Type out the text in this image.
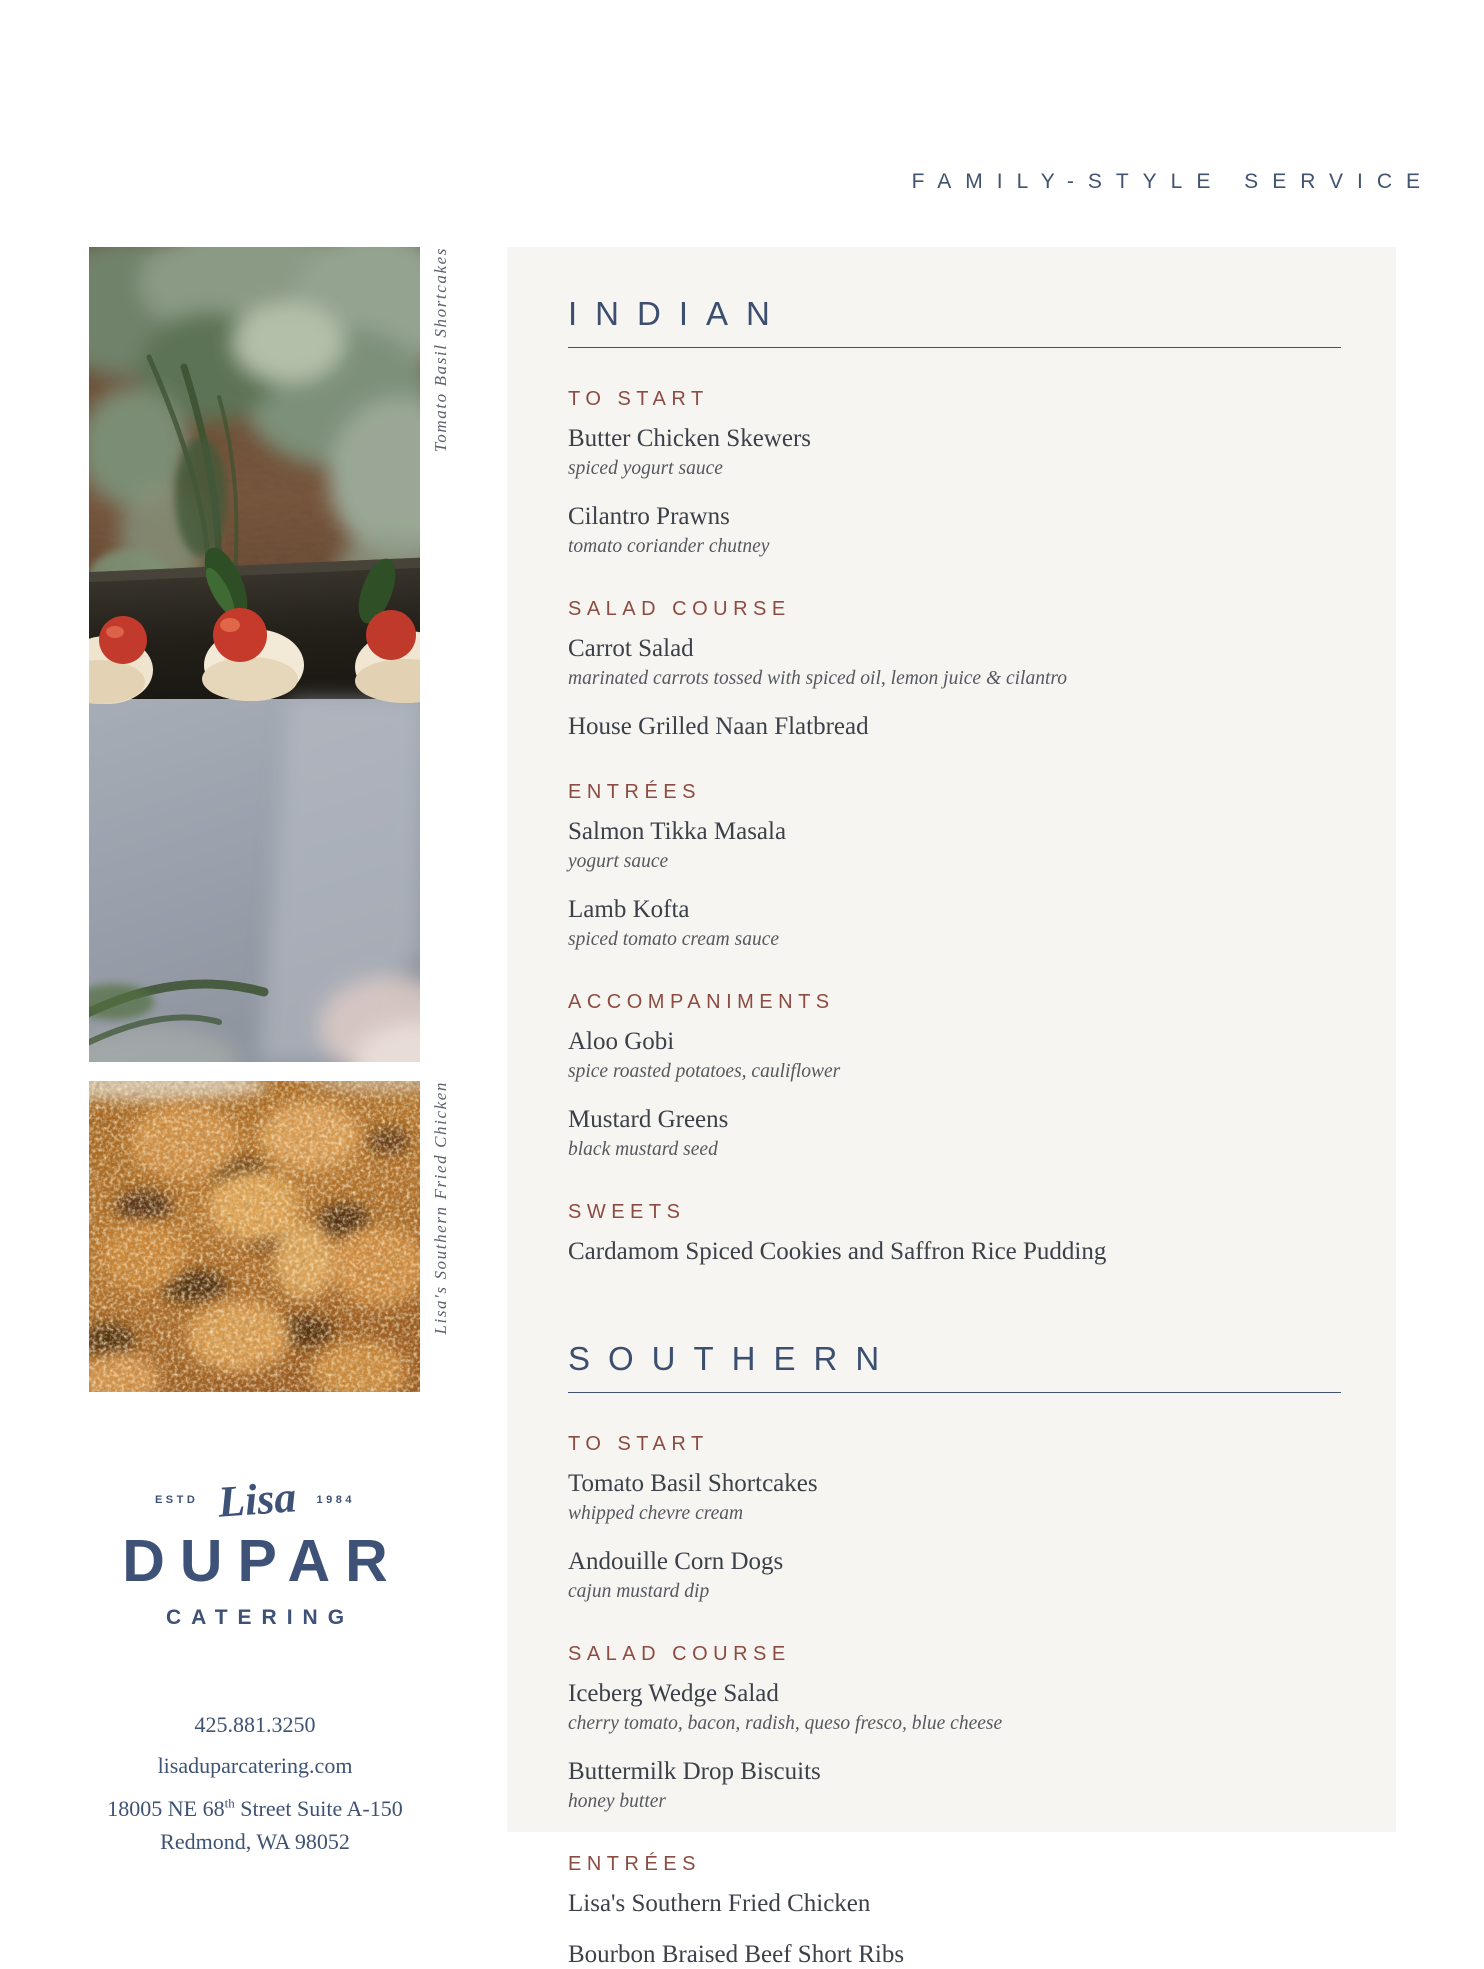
FAMILY-STYLE SERVICE
Tomato Basil Shortcakes
Lisa's Southern Fried Chicken
INDIAN
TO START
Butter Chicken Skewers
spiced yogurt sauce
Cilantro Prawns
tomato coriander chutney
SALAD COURSE
Carrot Salad
marinated carrots tossed with spiced oil, lemon juice & cilantro
House Grilled Naan Flatbread
ENTRÉES
Salmon Tikka Masala
yogurt sauce
Lamb Kofta
spiced tomato cream sauce
ACCOMPANIMENTS
Aloo Gobi
spice roasted potatoes, cauliflower
Mustard Greens
black mustard seed
SWEETS
Cardamom Spiced Cookies and Saffron Rice Pudding
SOUTHERN
TO START
Tomato Basil Shortcakes
whipped chevre cream
Andouille Corn Dogs
cajun mustard dip
SALAD COURSE
Iceberg Wedge Salad
cherry tomato, bacon, radish, queso fresco, blue cheese
Buttermilk Drop Biscuits
honey butter
ENTRÉES
Lisa's Southern Fried Chicken
Bourbon Braised Beef Short Ribs
ESTD Lisa 1984
DUPAR
CATERING
425.881.3250
lisaduparcatering.com
18005 NE 68th Street Suite A-150
Redmond, WA 98052
